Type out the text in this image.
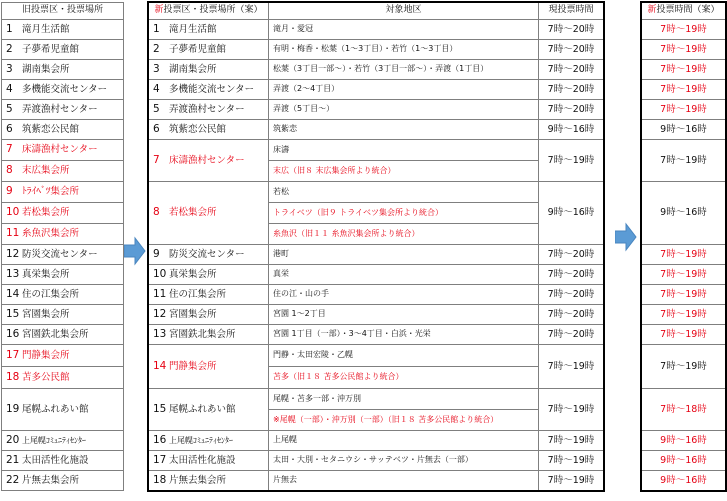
旧投票区・投票場所
1 滝月生活館
2 子夢希児童館
3 湖南集会所
4 多機能交流センター
5 弄渡漁村センター
6 筑紫恋公民館
7 床濤漁村センター
8 末広集会所
9 ﾄﾗｲﾍﾞﾂ集会所
10 若松集会所
11 糸魚沢集会所
12 防災交流センター
13 真栄集会所
14 住の江集会所
15 宮園集会所
16 宮園鉄北集会所
17 門静集会所
18 苫多公民館
19 尾幌ふれあい館
20 上尾幌ｺﾐｭﾆﾃｨｾﾝﾀｰ
21 太田活性化施設
22 片無去集会所
新投票区・投票場所（案）	対象地区	現投票時間
1 滝月生活館	滝月・愛冠	7時～20時
2 子夢希児童館	有明・梅香・松葉（1～3丁目）・若竹（1～3丁目）	7時～20時
3 湖南集会所	松葉（3丁目一部～）・若竹（3丁目一部～）・弄渡（1丁目）	7時～20時
4 多機能交流センター	弄渡（2～4丁目）	7時～20時
5 弄渡漁村センター	弄渡（5丁目～）	7時～20時
6 筑紫恋公民館	筑紫恋	9時～16時
7 床濤漁村センター	床濤	7時～19時
	末広（旧８ 末広集会所より統合）	
8 若松集会所	若松	9時～16時
	トライベツ（旧９ トライベツ集会所より統合）	
	糸魚沢（旧１１ 糸魚沢集会所より統合）	
9 防災交流センター	港町	7時～20時
10 真栄集会所	真栄	7時～20時
11 住の江集会所	住の江・山の手	7時～20時
12 宮園集会所	宮園 1～2丁目	7時～20時
13 宮園鉄北集会所	宮園 1丁目（一部）・3～4丁目・白浜・光栄	7時～20時
14 門静集会所	門静・太田宏陵・乙幌	7時～19時
	苫多（旧１８ 苫多公民館より統合）	
15 尾幌ふれあい館	尾幌・苫多一部・沖万別	7時～19時
	※尾幌（一部）・沖万別（一部）（旧１８ 苫多公民館より統合）	
16 上尾幌ｺﾐｭﾆﾃｨｾﾝﾀｰ	上尾幌	7時～19時
17 太田活性化施設	太田・大別・セタニウシ・サッテベツ・片無去（一部）	7時～19時
18 片無去集会所	片無去	7時～19時
新投票時間（案）
7時～19時
7時～19時
7時～19時
7時～19時
7時～19時
9時～16時
7時～19時
9時～16時
7時～19時
7時～19時
7時～19時
7時～19時
7時～19時
7時～19時
7時～18時
9時～16時
9時～16時
9時～16時
